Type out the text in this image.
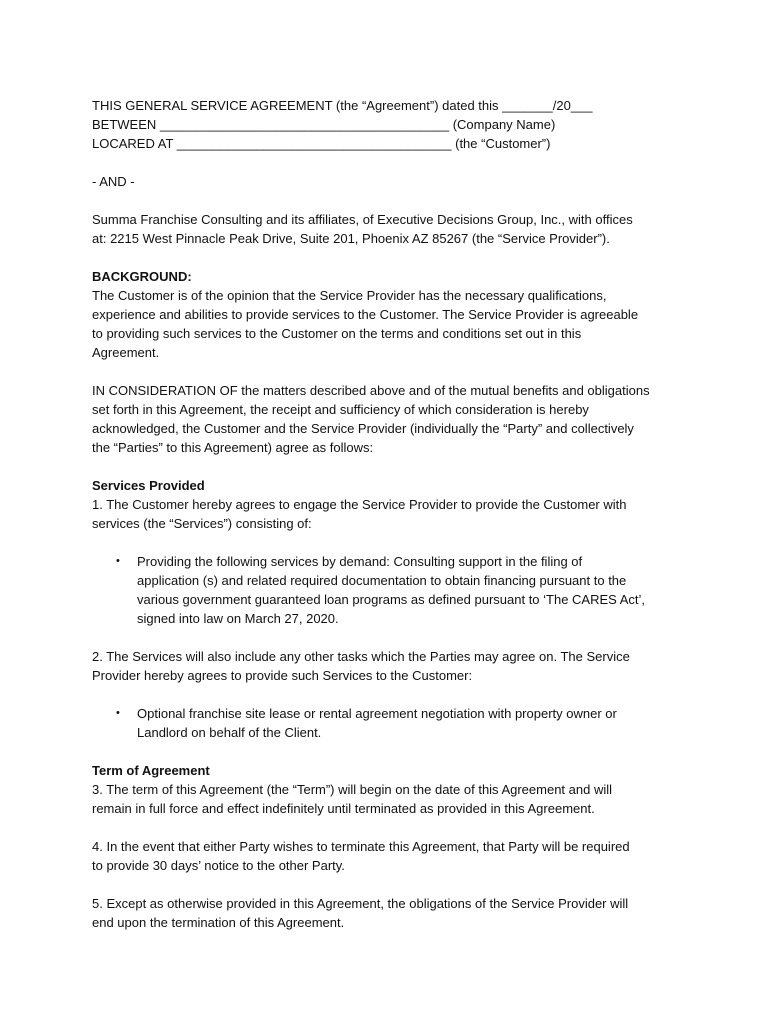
THIS GENERAL SERVICE AGREEMENT (the “Agreement”) dated this _______/20___

BETWEEN ________________________________________ (Company Name)

LOCARED AT ______________________________________ (the “Customer”)

- AND -

Summa Franchise Consulting and its affiliates, of Executive Decisions Group, Inc., with offices

at: 2215 West Pinnacle Peak Drive, Suite 201, Phoenix AZ 85267 (the “Service Provider”).

BACKGROUND:

The Customer is of the opinion that the Service Provider has the necessary qualifications,

experience and abilities to provide services to the Customer. The Service Provider is agreeable

to providing such services to the Customer on the terms and conditions set out in this

Agreement.

IN CONSIDERATION OF the matters described above and of the mutual benefits and obligations

set forth in this Agreement, the receipt and sufficiency of which consideration is hereby

acknowledged, the Customer and the Service Provider (individually the “Party” and collectively

the “Parties” to this Agreement) agree as follows:

Services Provided

1. The Customer hereby agrees to engage the Service Provider to provide the Customer with

services (the “Services”) consisting of:

• Providing the following services by demand: Consulting support in the filing of

application (s) and related required documentation to obtain financing pursuant to the

various government guaranteed loan programs as defined pursuant to ‘The CARES Act’,

signed into law on March 27, 2020.

2. The Services will also include any other tasks which the Parties may agree on. The Service

Provider hereby agrees to provide such Services to the Customer:

• Optional franchise site lease or rental agreement negotiation with property owner or

Landlord on behalf of the Client.

Term of Agreement

3. The term of this Agreement (the “Term”) will begin on the date of this Agreement and will

remain in full force and effect indefinitely until terminated as provided in this Agreement.

4. In the event that either Party wishes to terminate this Agreement, that Party will be required

to provide 30 days’ notice to the other Party.

5. Except as otherwise provided in this Agreement, the obligations of the Service Provider will

end upon the termination of this Agreement.
